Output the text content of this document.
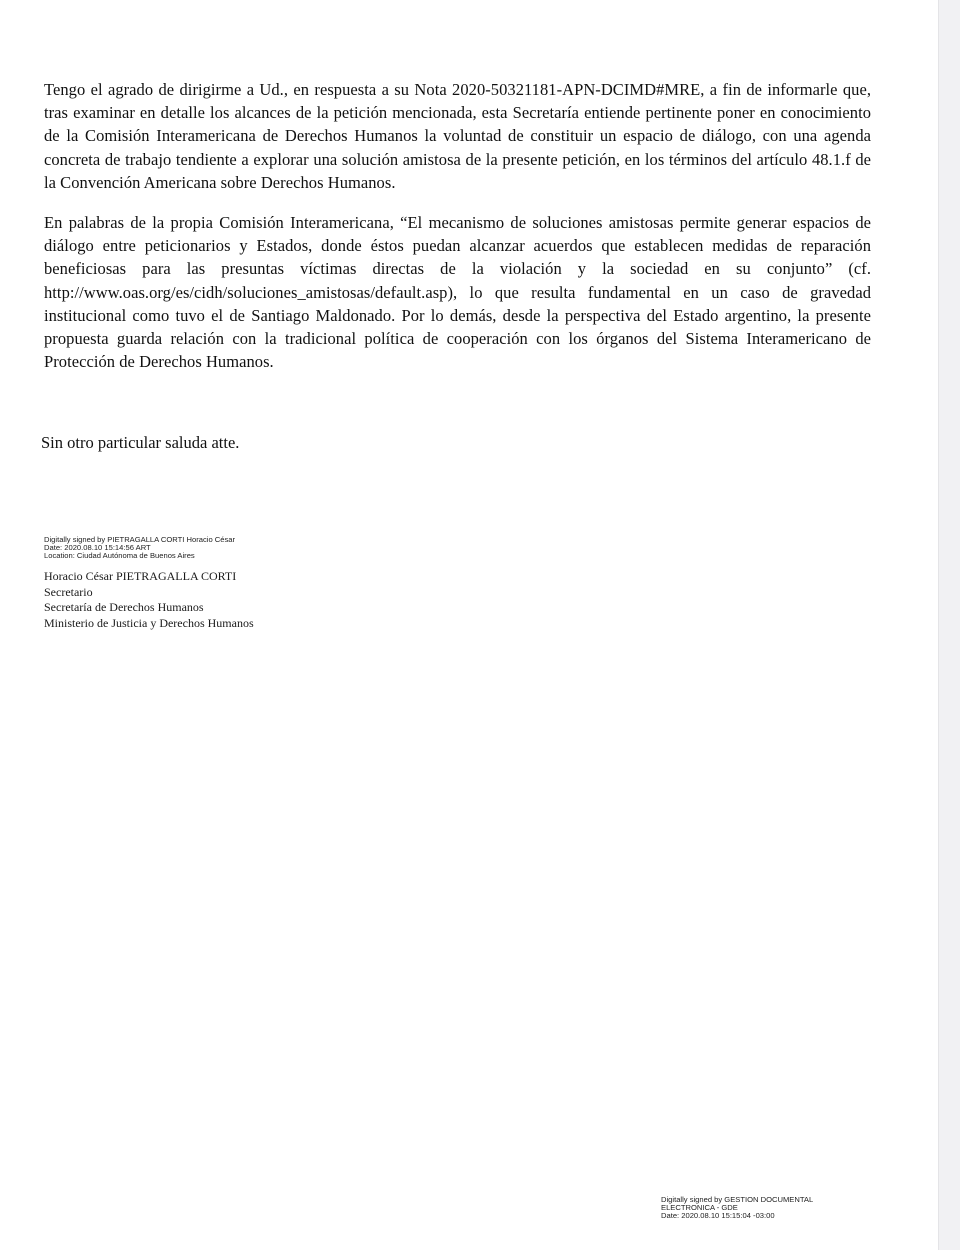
Tengo el agrado de dirigirme a Ud., en respuesta a su Nota 2020-50321181-APN-DCIMD#MRE, a fin de informarle que, tras examinar en detalle los alcances de la petición mencionada, esta Secretaría entiende pertinente poner en conocimiento de la Comisión Interamericana de Derechos Humanos la voluntad de constituir un espacio de diálogo, con una agenda concreta de trabajo tendiente a explorar una solución amistosa de la presente petición, en los términos del artículo 48.1.f de la Convención Americana sobre Derechos Humanos.

En palabras de la propia Comisión Interamericana, “El mecanismo de soluciones amistosas permite generar espacios de diálogo entre peticionarios y Estados, donde éstos puedan alcanzar acuerdos que establecen medidas de reparación beneficiosas para las presuntas víctimas directas de la violación y la sociedad en su conjunto” (cf. http://www.oas.org/es/cidh/soluciones_amistosas/default.asp), lo que resulta fundamental en un caso de gravedad institucional como tuvo el de Santiago Maldonado. Por lo demás, desde la perspectiva del Estado argentino, la presente propuesta guarda relación con la tradicional política de cooperación con los órganos del Sistema Interamericano de Protección de Derechos Humanos.

Sin otro particular saluda atte.

Digitally signed by PIETRAGALLA CORTI Horacio César
Date: 2020.08.10 15:14:56 ART
Location: Ciudad Autónoma de Buenos Aires
Horacio César PIETRAGALLA CORTI
Secretario
Secretaría de Derechos Humanos
Ministerio de Justicia y Derechos Humanos
Digitally signed by GESTION DOCUMENTAL
ELECTRONICA - GDE
Date: 2020.08.10 15:15:04 -03:00
